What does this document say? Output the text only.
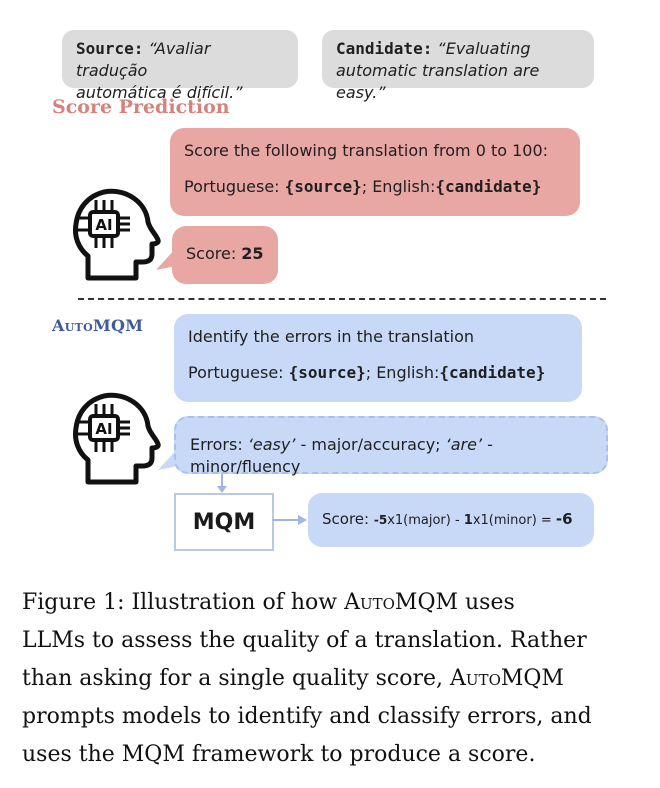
Source: “Avaliar tradução
automática é difícil.”
Candidate: “Evaluating
automatic translation are easy.”
Score Prediction

Score the following translation from 0 to 100:

Portuguese: {source}; English:{candidate}

Score: 25

AI
AutoMQM

Identify the errors in the translation

Portuguese: {source}; English:{candidate}

Errors: ‘easy’ - major/accuracy; ‘are’ - minor/fluency

AI
MQM	Score: -5x1(major) - 1x1(minor) = -6

Figure 1: Illustration of how AutoMQM uses

LLMs to assess the quality of a translation. Rather

than asking for a single quality score, AutoMQM

prompts models to identify and classify errors, and

uses the MQM framework to produce a score.
